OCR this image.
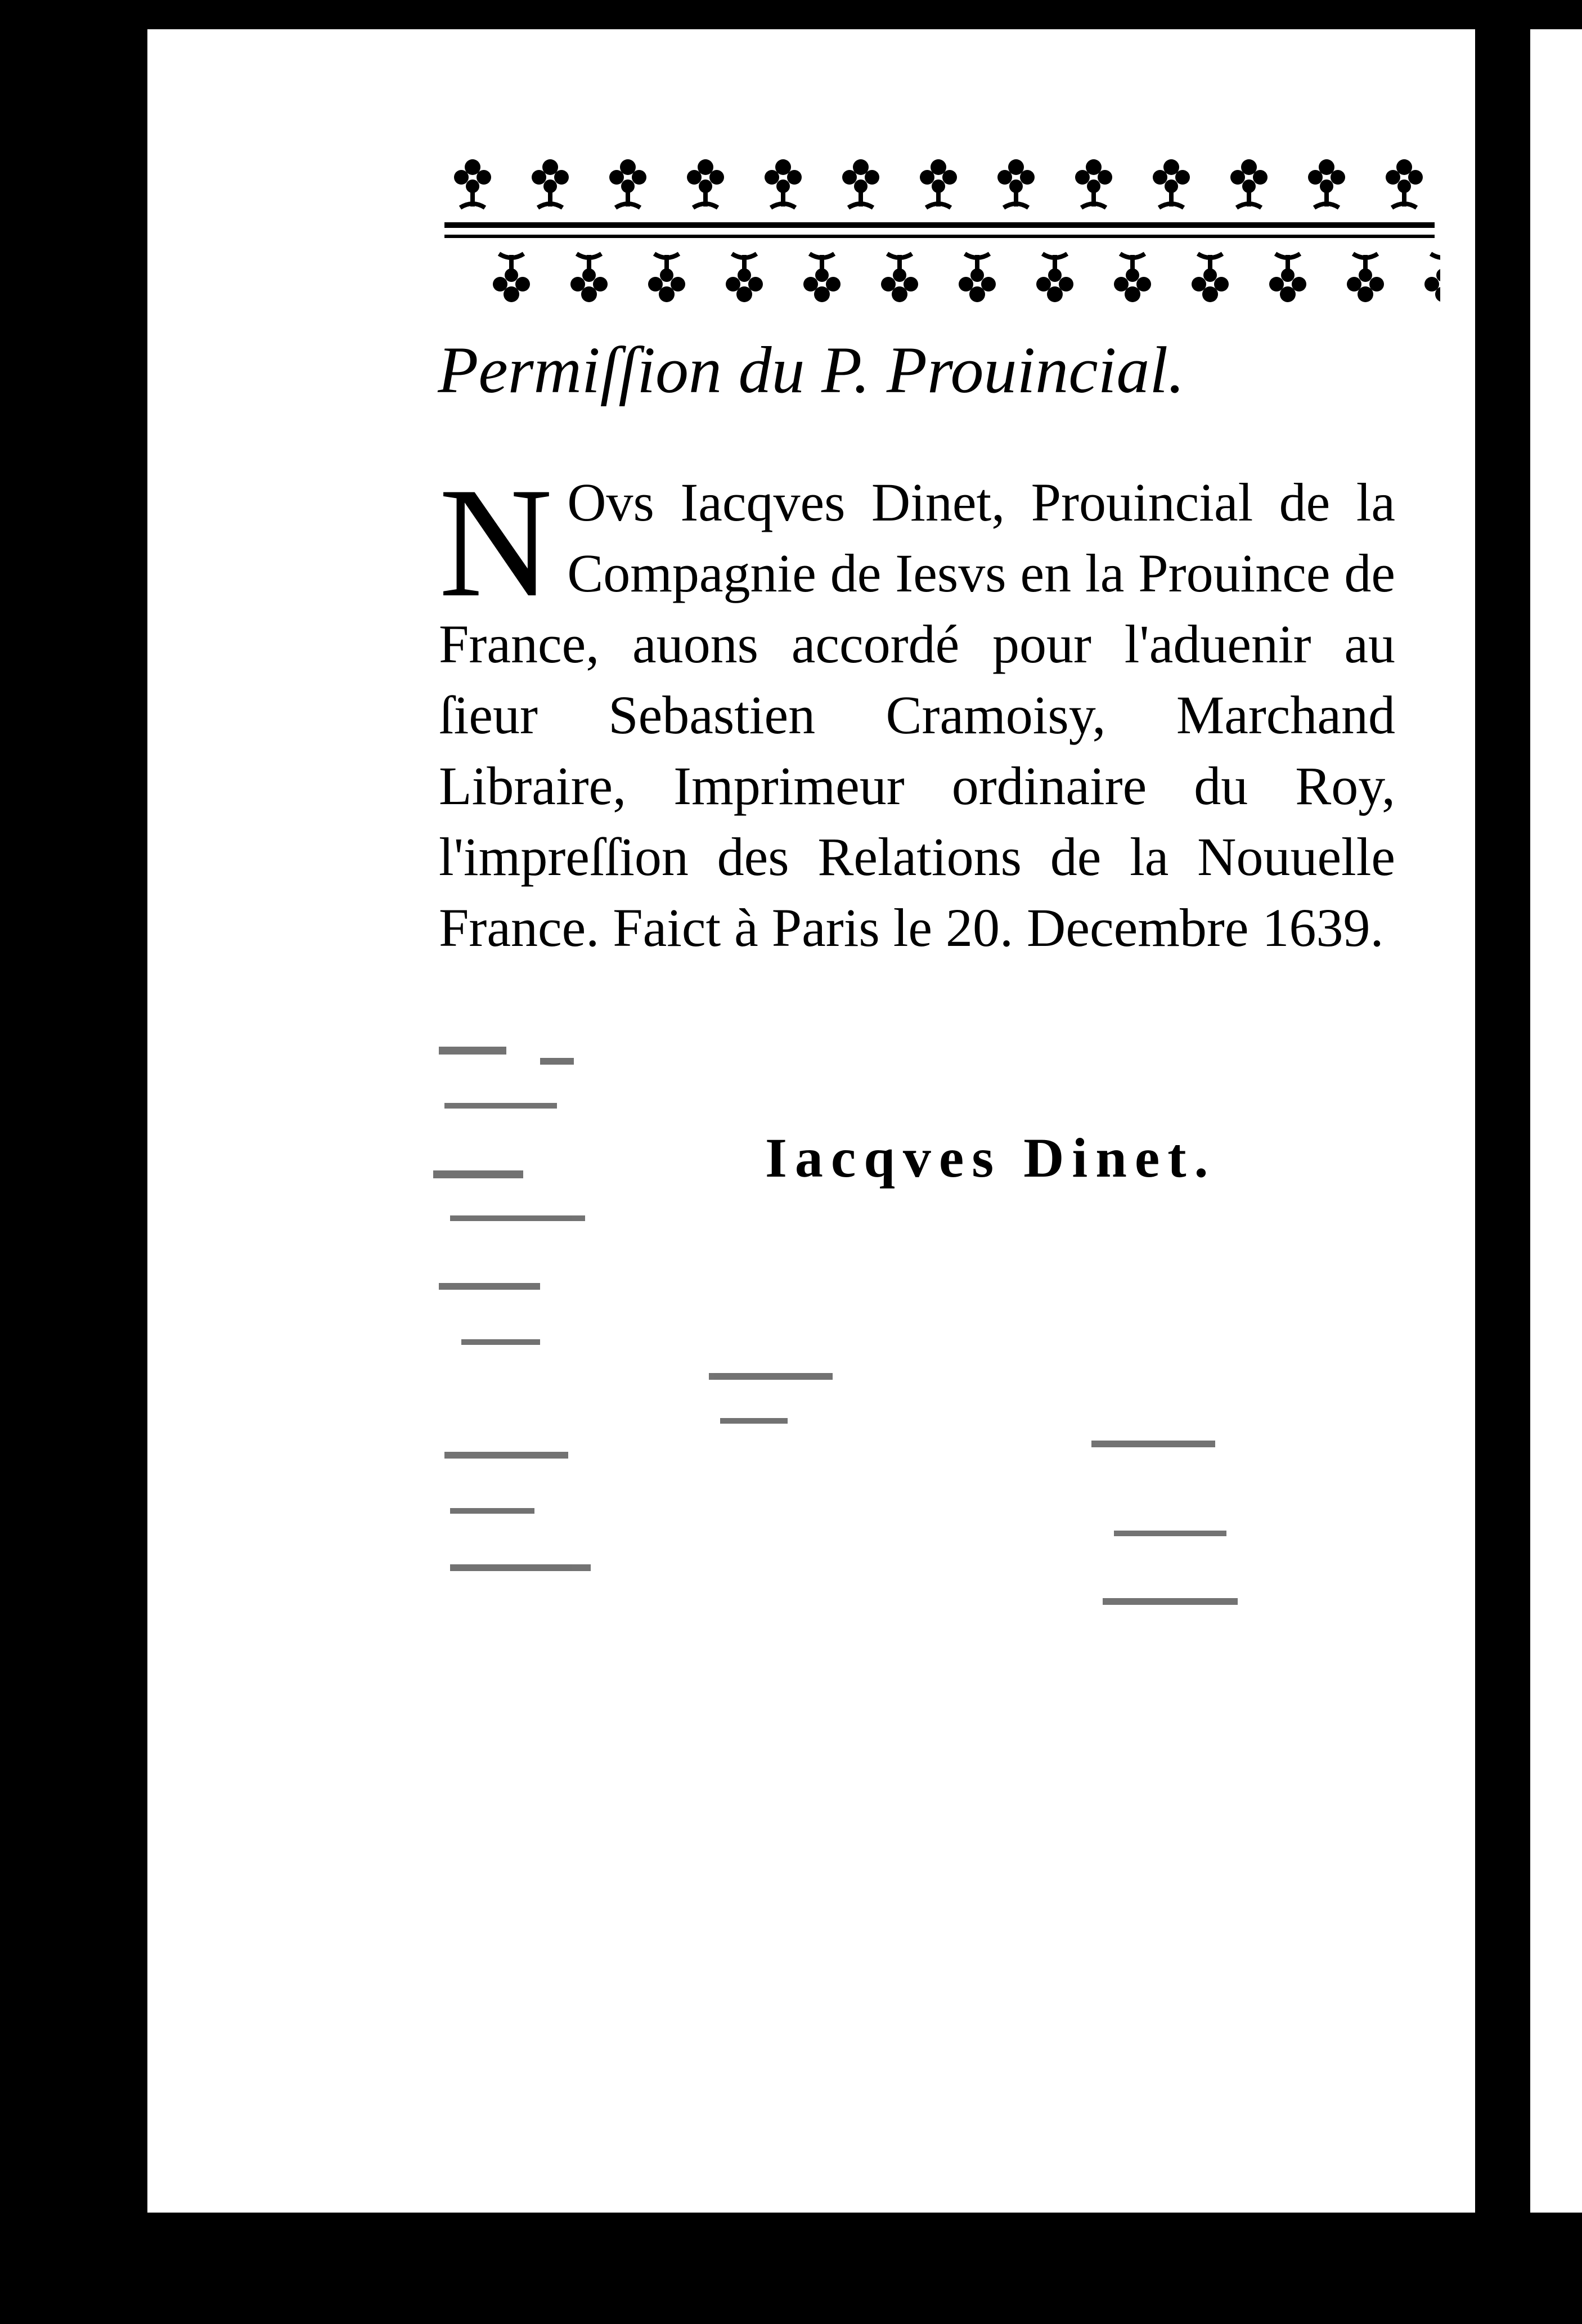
Permiſſion du P. Prouincial.
N Ovs Iacqves Dinet, Prouincial de la Compagnie de Iesvs en la Prouince de France, auons accordé pour l'aduenir au ſieur Sebastien Cramoisy, Marchand Libraire, Imprimeur ordinaire du Roy, l'impreſſion des Relations de la Nouuelle France. Faict à Paris le 20. Decembre 1639.
Iacqves Dinet.
